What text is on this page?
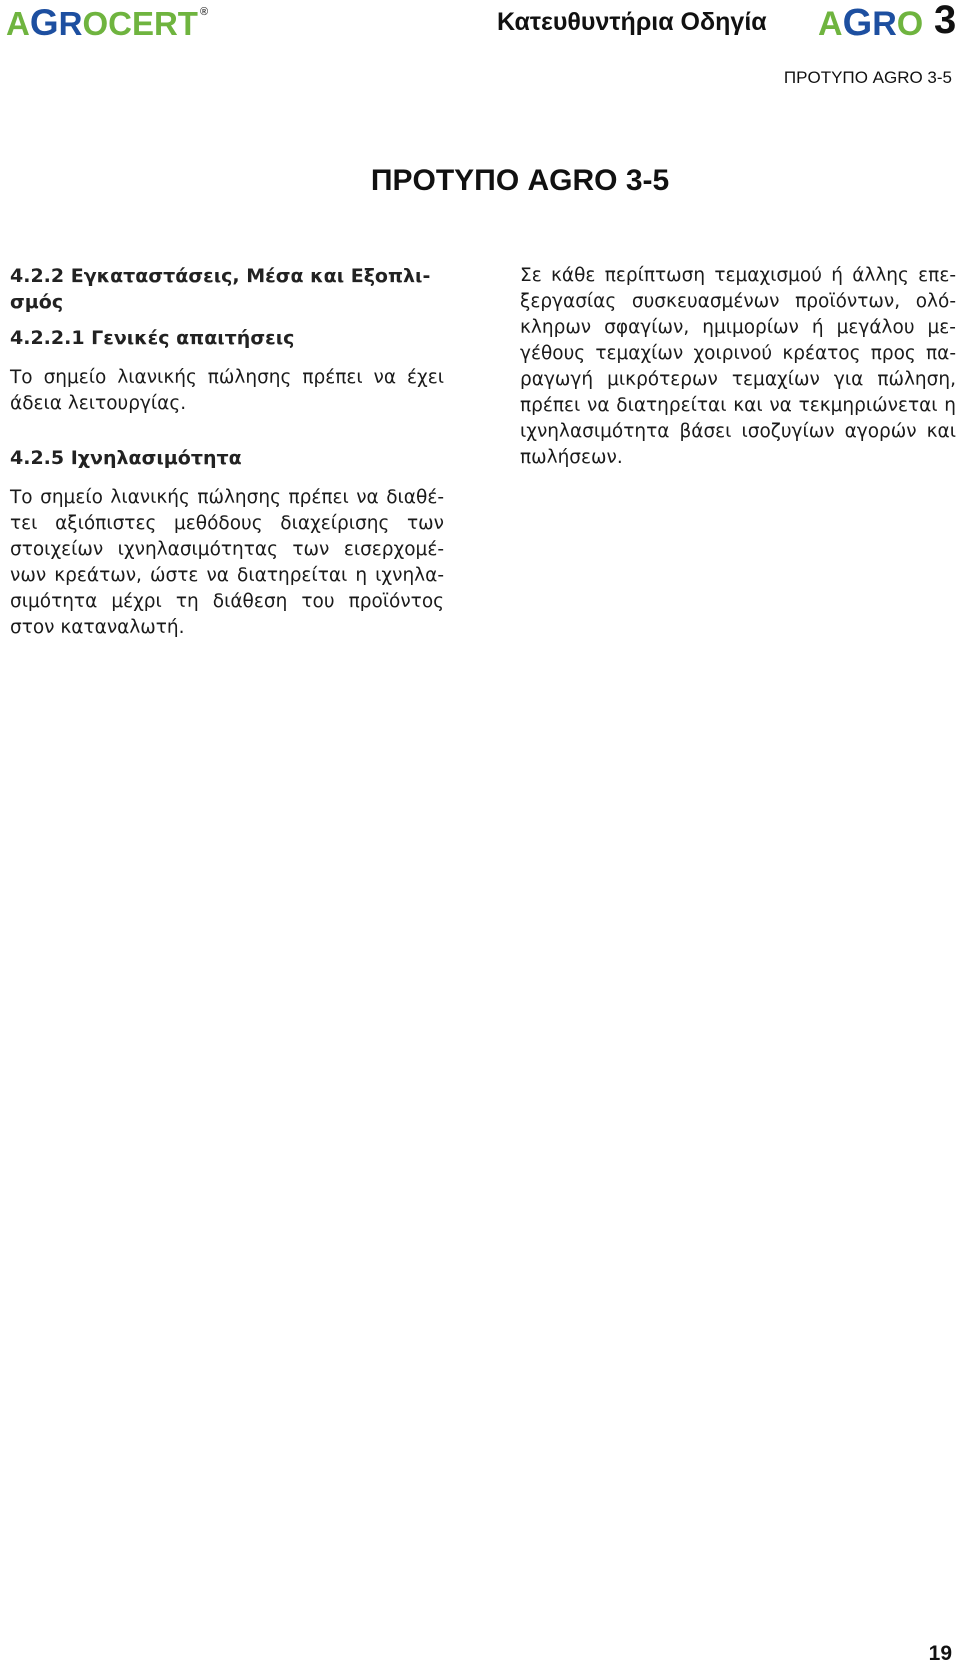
AGROCERT ®	Κατευθυντήρια Οδηγία AGRO 3
ΠΡΟΤΥΠΟ AGRO 3-5
ΠΡΟΤΥΠΟ AGRO 3-5

4.2.2 Εγκαταστάσεις, Μέσα και Εξοπλι-σμός

4.2.2.1 Γενικές απαιτήσεις

Το σημείο λιανικής πώλησης πρέπει να έχει άδεια λειτουργίας.

4.2.5 Ιχνηλασιμότητα

Το σημείο λιανικής πώλησης πρέπει να διαθέ-τει αξιόπιστες μεθόδους διαχείρισης των στοιχείων ιχνηλασιμότητας των εισερχομέ-νων κρεάτων, ώστε να διατηρείται η ιχνηλα-σιμότητα μέχρι τη διάθεση του προϊόντος στον καταναλωτή.

Σε κάθε περίπτωση τεμαχισμού ή άλλης επε-ξεργασίας συσκευασμένων προϊόντων, ολό-κληρων σφαγίων, ημιμορίων ή μεγάλου με-γέθους τεμαχίων χοιρινού κρέατος προς πα-ραγωγή μικρότερων τεμαχίων για πώληση, πρέπει να διατηρείται και να τεκμηριώνεται η ιχνηλασιμότητα βάσει ισοζυγίων αγορών και πωλήσεων.

19
